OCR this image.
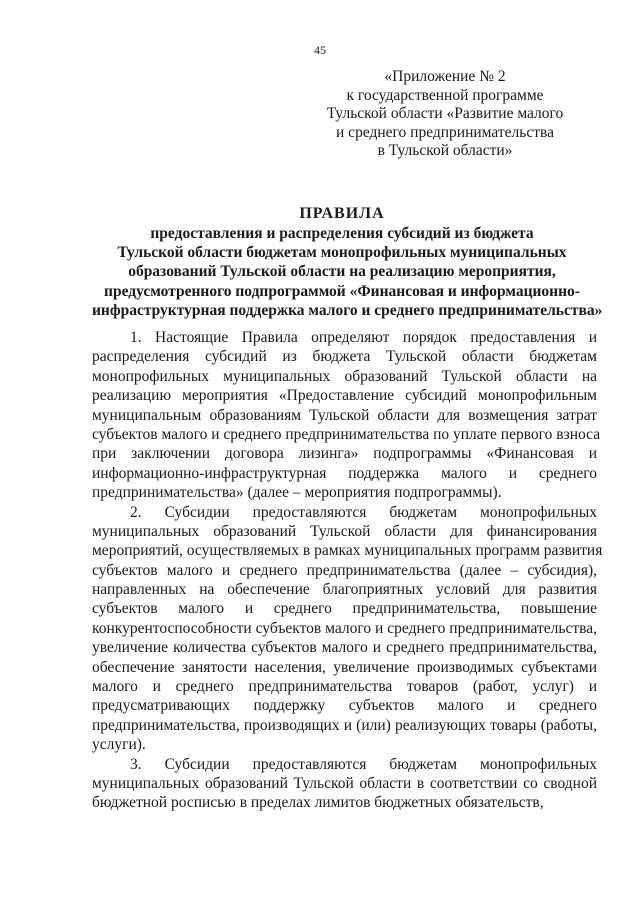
45
«Приложение № 2
к государственной программе
Тульской области «Развитие малого
и среднего предпринимательства
в Тульской области»
ПРАВИЛА
предоставления и распределения субсидий из бюджета
Тульской области бюджетам монопрофильных муниципальных
образований Тульской области на реализацию мероприятия,
предусмотренного подпрограммой «Финансовая и информационно-
инфраструктурная поддержка малого и среднего предпринимательства»
1. Настоящие Правила определяют порядок предоставления и
распределения субсидий из бюджета Тульской области бюджетам
монопрофильных муниципальных образований Тульской области на
реализацию мероприятия «Предоставление субсидий монопрофильным
муниципальным образованиям Тульской области для возмещения затрат
субъектов малого и среднего предпринимательства по уплате первого взноса
при заключении договора лизинга» подпрограммы «Финансовая и
информационно-инфраструктурная поддержка малого и среднего
предпринимательства» (далее – мероприятия подпрограммы).
2. Субсидии предоставляются бюджетам монопрофильных
муниципальных образований Тульской области для финансирования
мероприятий, осуществляемых в рамках муниципальных программ развития
субъектов малого и среднего предпринимательства (далее – субсидия),
направленных на обеспечение благоприятных условий для развития
субъектов малого и среднего предпринимательства, повышение
конкурентоспособности субъектов малого и среднего предпринимательства,
увеличение количества субъектов малого и среднего предпринимательства,
обеспечение занятости населения, увеличение производимых субъектами
малого и среднего предпринимательства товаров (работ, услуг) и
предусматривающих поддержку субъектов малого и среднего
предпринимательства, производящих и (или) реализующих товары (работы,
услуги).
3. Субсидии предоставляются бюджетам монопрофильных
муниципальных образований Тульской области в соответствии со сводной
бюджетной росписью в пределах лимитов бюджетных обязательств,
